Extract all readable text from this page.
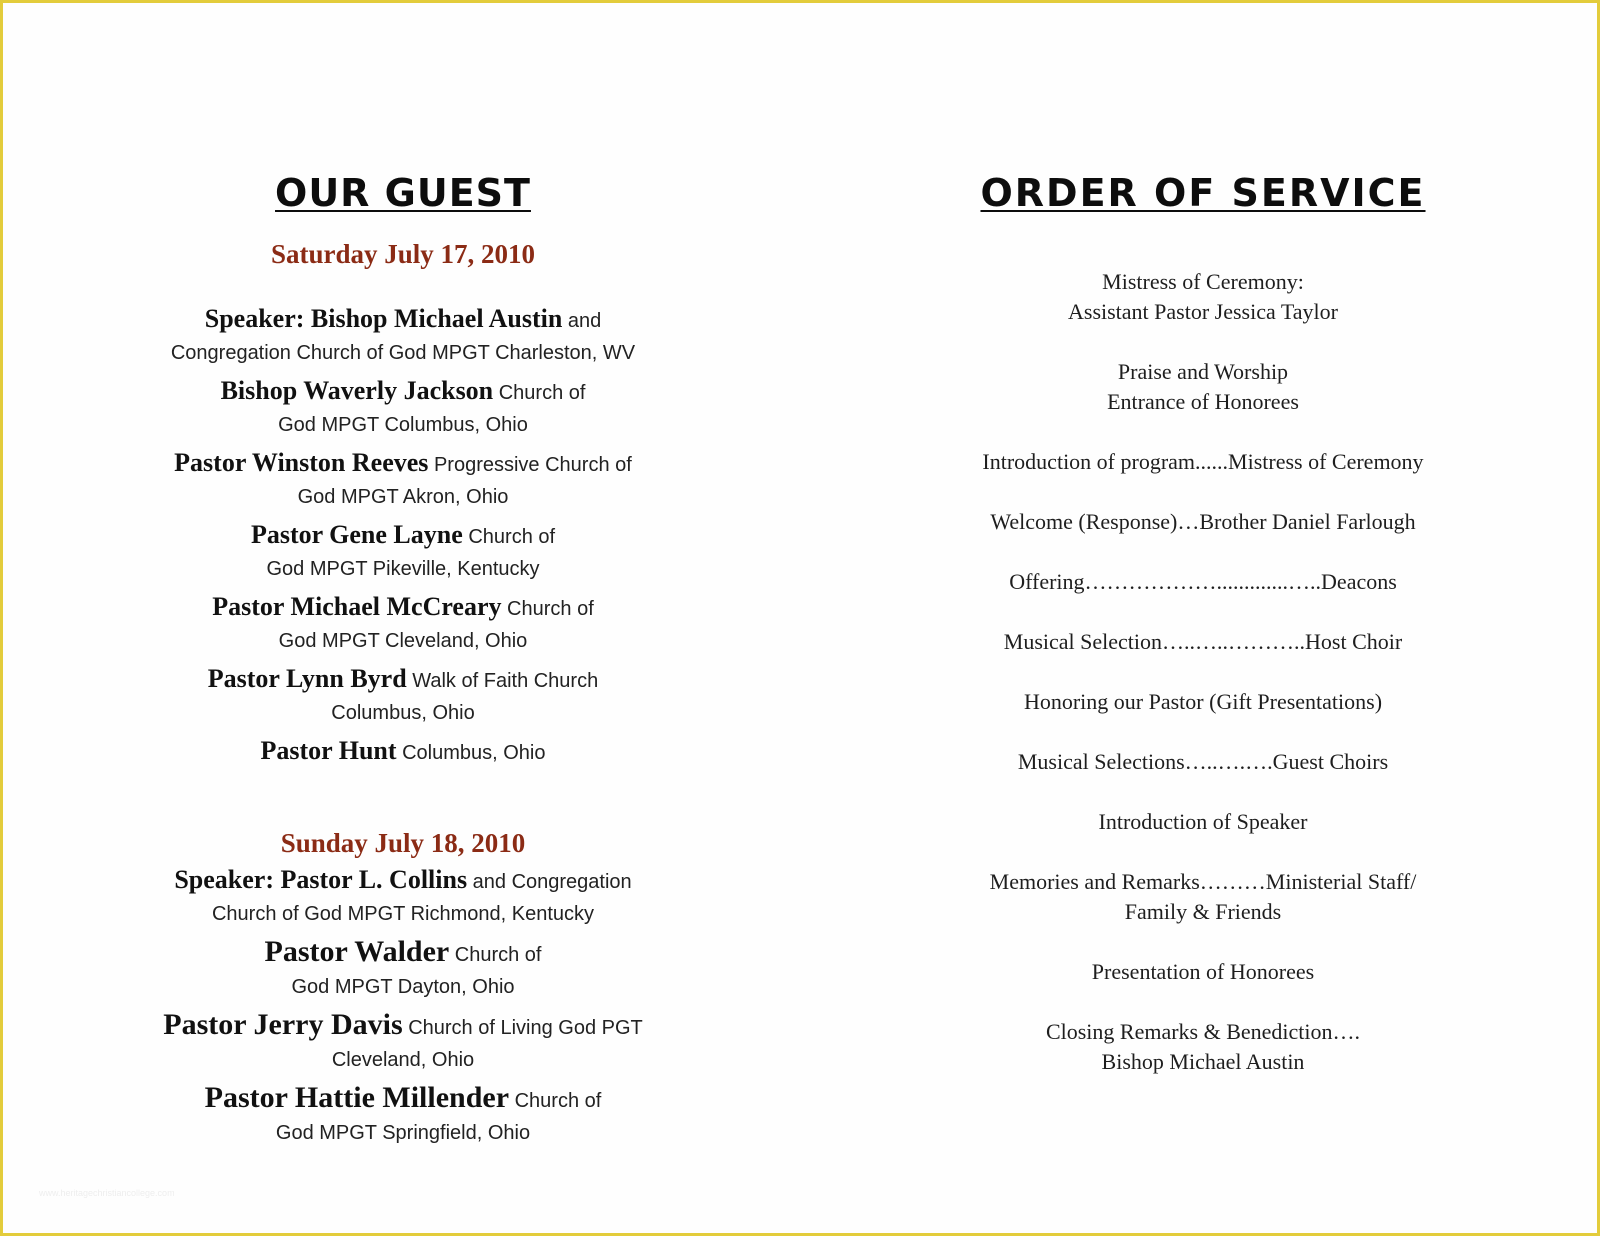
OUR GUEST
Saturday July 17, 2010
Speaker: Bishop Michael Austin and
Congregation Church of God MPGT Charleston, WV
Bishop Waverly Jackson Church of
God MPGT Columbus, Ohio
Pastor Winston Reeves Progressive Church of
God MPGT Akron, Ohio
Pastor Gene Layne Church of
God MPGT Pikeville, Kentucky
Pastor Michael McCreary Church of
God MPGT Cleveland, Ohio
Pastor Lynn Byrd Walk of Faith Church
Columbus, Ohio
Pastor Hunt Columbus, Ohio
Sunday July 18, 2010
Speaker: Pastor L. Collins and Congregation
Church of God MPGT Richmond, Kentucky
Pastor Walder Church of
God MPGT Dayton, Ohio
Pastor Jerry Davis Church of Living God PGT
Cleveland, Ohio
Pastor Hattie Millender Church of
God MPGT Springfield, Ohio
ORDER OF SERVICE
Mistress of Ceremony:
Assistant Pastor Jessica Taylor
Praise and Worship
Entrance of Honorees
Introduction of program......Mistress of Ceremony
Welcome (Response)…Brother Daniel Farlough
Offering……………….............…..Deacons
Musical Selection…..…..………..Host Choir
Honoring our Pastor (Gift Presentations)
Musical Selections…..….….Guest Choirs
Introduction of Speaker
Memories and Remarks………Ministerial Staff/
Family & Friends
Presentation of Honorees
Closing Remarks & Benediction….
Bishop Michael Austin
www.heritagechristiancollege.com
